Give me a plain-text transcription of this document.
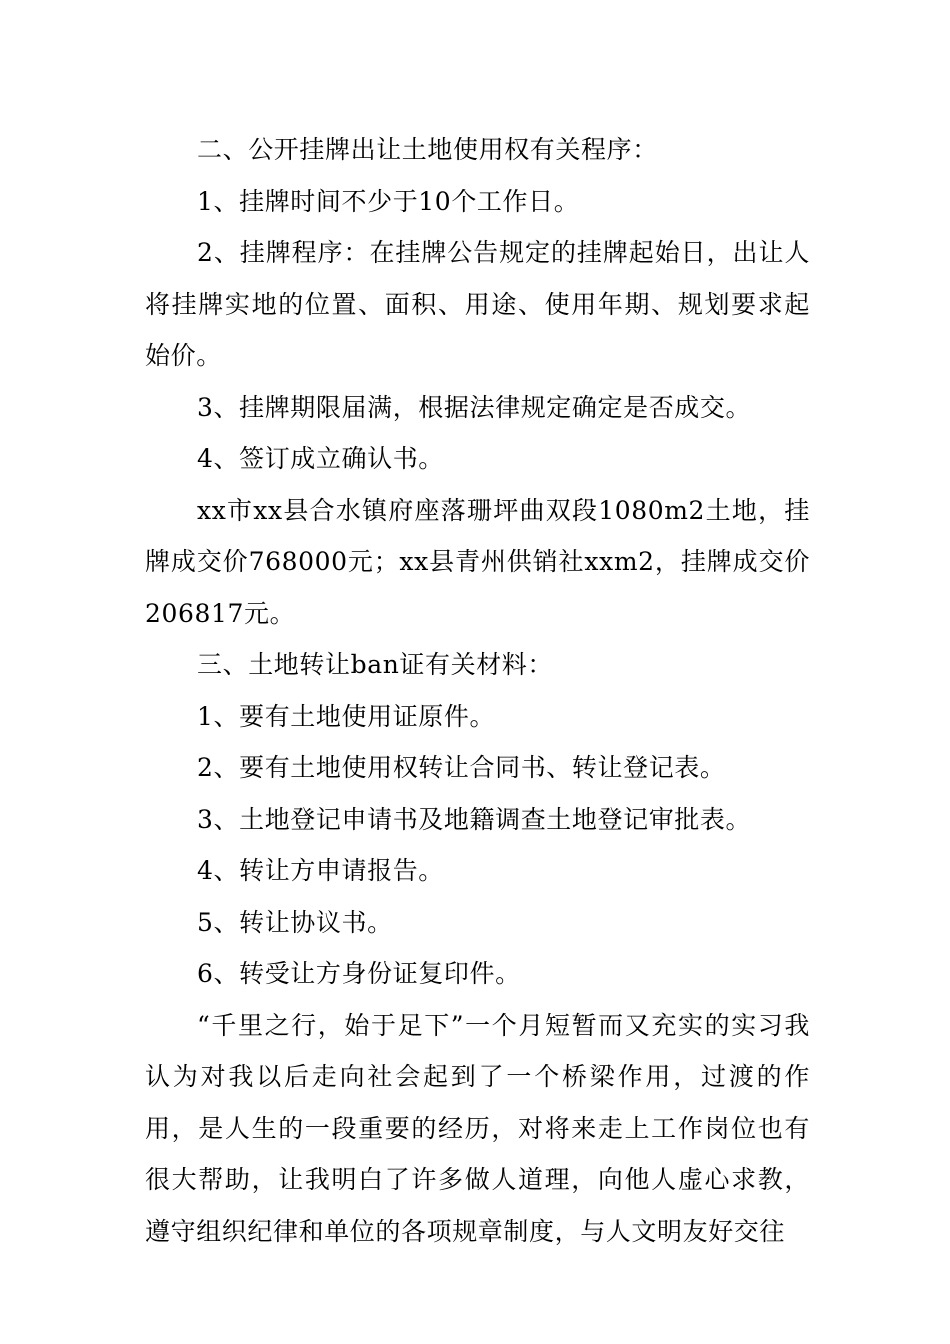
二、公开挂牌出让土地使用权有关程序：

1、挂牌时间不少于10个工作日。

2、挂牌程序：在挂牌公告规定的挂牌起始日，出让人将挂牌实地的位置、面积、用途、使用年期、规划要求起始价。

3、挂牌期限届满，根据法律规定确定是否成交。

4、签订成立确认书。

xx市xx县合水镇府座落珊坪曲双段1080m2土地，挂牌成交价768000元；xx县青州供销社xxm2，挂牌成交价206817元。

三、土地转让ban证有关材料：

1、要有土地使用证原件。

2、要有土地使用权转让合同书、转让登记表。

3、土地登记申请书及地籍调查土地登记审批表。

4、转让方申请报告。

5、转让协议书。

6、转受让方身份证复印件。

“千里之行，始于足下”一个月短暂而又充实的实习我认为对我以后走向社会起到了一个桥梁作用，过渡的作用，是人生的一段重要的经历，对将来走上工作岗位也有很大帮助，让我明白了许多做人道理，向他人虚心求教，遵守组织纪律和单位的各项规章制度，与人文明友好交往
